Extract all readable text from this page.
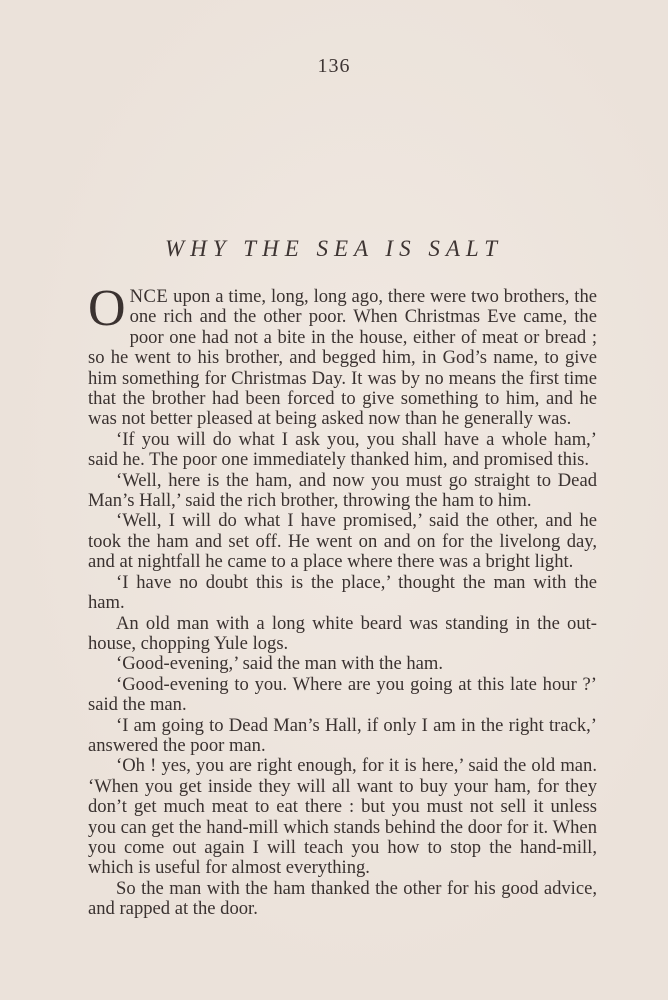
136
WHY THE SEA IS SALT

ONCE upon a time, long, long ago, there were two brothers, the one rich and the other poor. When Christmas Eve came, the poor one had not a bite in the house, either of meat or bread ; so he went to his brother, and begged him, in God’s name, to give him something for Christmas Day. It was by no means the first time that the brother had been forced to give something to him, and he was not better pleased at being asked now than he generally was.

‘If you will do what I ask you, you shall have a whole ham,’ said he. The poor one immediately thanked him, and promised this.

‘Well, here is the ham, and now you must go straight to Dead Man’s Hall,’ said the rich brother, throwing the ham to him.

‘Well, I will do what I have promised,’ said the other, and he took the ham and set off. He went on and on for the livelong day, and at nightfall he came to a place where there was a bright light.

‘I have no doubt this is the place,’ thought the man with the ham.

An old man with a long white beard was standing in the out-house, chopping Yule logs.

‘Good-evening,’ said the man with the ham.

‘Good-evening to you. Where are you going at this late hour ?’ said the man.

‘I am going to Dead Man’s Hall, if only I am in the right track,’ answered the poor man.

‘Oh ! yes, you are right enough, for it is here,’ said the old man. ‘When you get inside they will all want to buy your ham, for they don’t get much meat to eat there : but you must not sell it unless you can get the hand-mill which stands behind the door for it. When you come out again I will teach you how to stop the hand-mill, which is useful for almost everything.

So the man with the ham thanked the other for his good advice, and rapped at the door.
